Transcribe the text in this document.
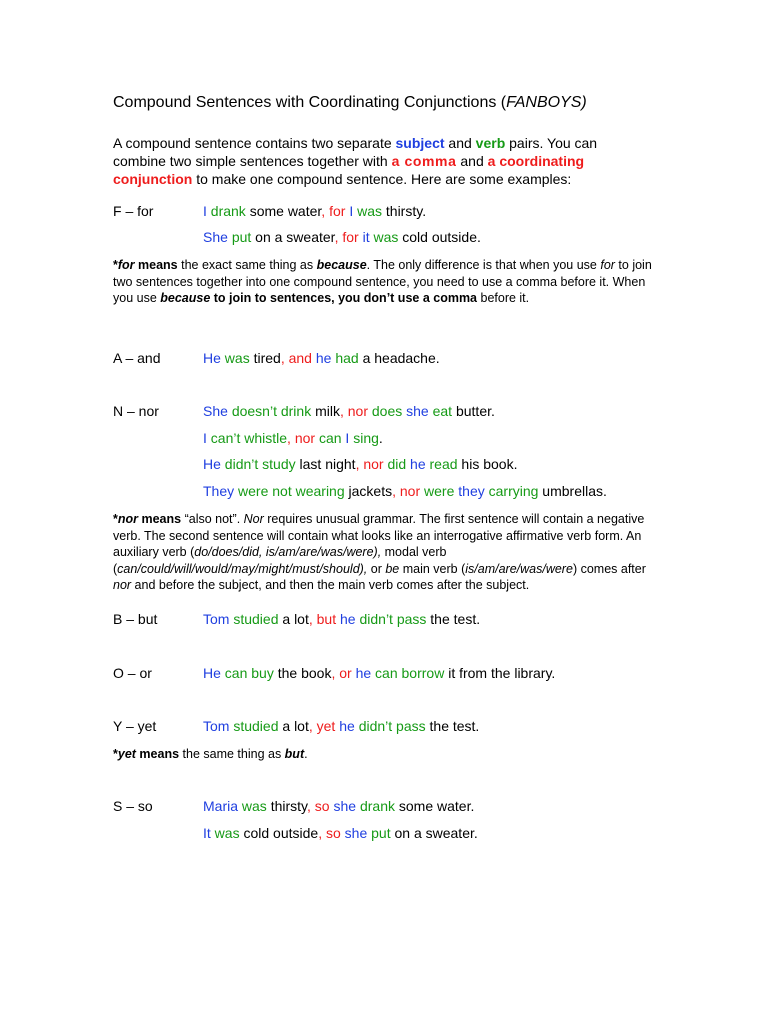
Compound Sentences with Coordinating Conjunctions (FANBOYS)
A compound sentence contains two separate subject and verb pairs. You can combine two simple sentences together with a comma and a coordinating conjunction to make one compound sentence. Here are some examples:
F – for	I drank some water, for I was thirsty.
She put on a sweater, for it was cold outside.
*for means the exact same thing as because. The only difference is that when you use for to join two sentences together into one compound sentence, you need to use a comma before it. When you use because to join to sentences, you don’t use a comma before it.
A – and	He was tired, and he had a headache.
N – nor	She doesn’t drink milk, nor does she eat butter.
I can’t whistle, nor can I sing.
He didn’t study last night, nor did he read his book.
They were not wearing jackets, nor were they carrying umbrellas.
*nor means “also not”. Nor requires unusual grammar. The first sentence will contain a negative verb. The second sentence will contain what looks like an interrogative affirmative verb form. An auxiliary verb (do/does/did, is/am/are/was/were), modal verb (can/could/will/would/may/might/must/should), or be main verb (is/am/are/was/were) comes after nor and before the subject, and then the main verb comes after the subject.
B – but	Tom studied a lot, but he didn’t pass the test.
O – or	He can buy the book, or he can borrow it from the library.
Y – yet	Tom studied a lot, yet he didn’t pass the test.
*yet means the same thing as but.
S – so	Maria was thirsty, so she drank some water.
It was cold outside, so she put on a sweater.
